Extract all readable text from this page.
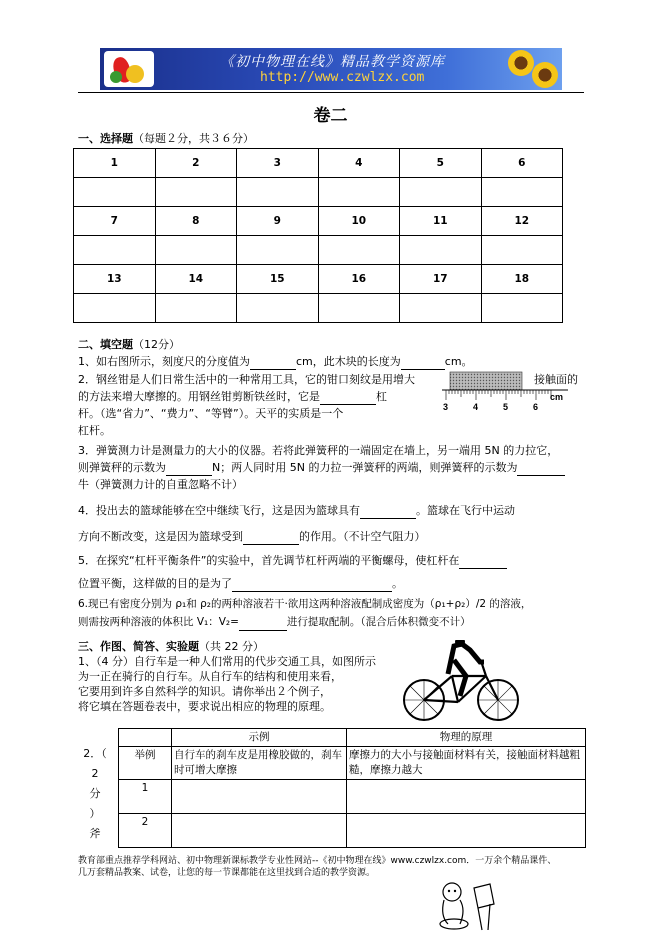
《初中物理在线》精品教学资源库
http://www.czwlzx.com
卷二
一、选择题（每题２分，共３６分）
1	2	3	4	5	6

7	8	9	10	11	12

13	14	15	16	17	18

二、填空题（12分）
1、如右图所示，刻度尺的分度值为	cm，此木块的长度为	cm。
2．钢丝钳是人们日常生活中的一种常用工具，它的钳口刻纹是用增大	接触面的
的方法来增大摩擦的。用钢丝钳剪断铁丝时，它是	杠
杆。（选“省力”、“费力”、“等臂”）。天平的实质是一个
杠杆。
3	4	5	6
cm
3．弹簧测力计是测量力的大小的仪器。若将此弹簧秤的一端固定在墙上，另一端用 5N 的力拉它，
则弹簧秤的示数为	N；两人同时用 5N 的力拉一弹簧秤的两端，则弹簧秤的示数为
牛（弹簧测力计的自重忽略不计）
4．投出去的篮球能够在空中继续飞行，这是因为篮球具有	。篮球在飞行中运动
方向不断改变，这是因为篮球受到	的作用。（不计空气阻力）
5．在探究“杠杆平衡条件”的实验中，首先调节杠杆两端的平衡螺母，使杠杆在
位置平衡，这样做的目的是为了	。
6.现已有密度分别为 ρ₁和 ρ₂的两种溶液若干·欲用这两种溶液配制成密度为（ρ₁+ρ₂）/2 的溶液，
则需按两种溶液的体积比 V₁：V₂=	进行提取配制。（混合后体积微变不计）
三、作图、简答、实验题（共 22 分）
1、（4 分）自行车是一种人们常用的代步交通工具，如图所示
为一正在骑行的自行车。从自行车的结构和使用来看，
它要用到许多自然科学的知识。请你举出２个例子，
将它填在答题卷表中，要求说出相应的物理的原理。
2．（
2
分
）
斧
	示例	物理的原理
举例	自行车的刹车皮是用橡胶做的，刹车时可增大摩擦	摩擦力的大小与接触面材料有关，接触面材料越粗糙，摩擦力越大
1		
2		
教育部重点推荐学科网站、初中物理新课标教学专业性网站--《初中物理在线》www.czwlzx.com．一万余个精品课件、
几万套精品教案、试卷，让您的每一节课都能在这里找到合适的教学资源。
